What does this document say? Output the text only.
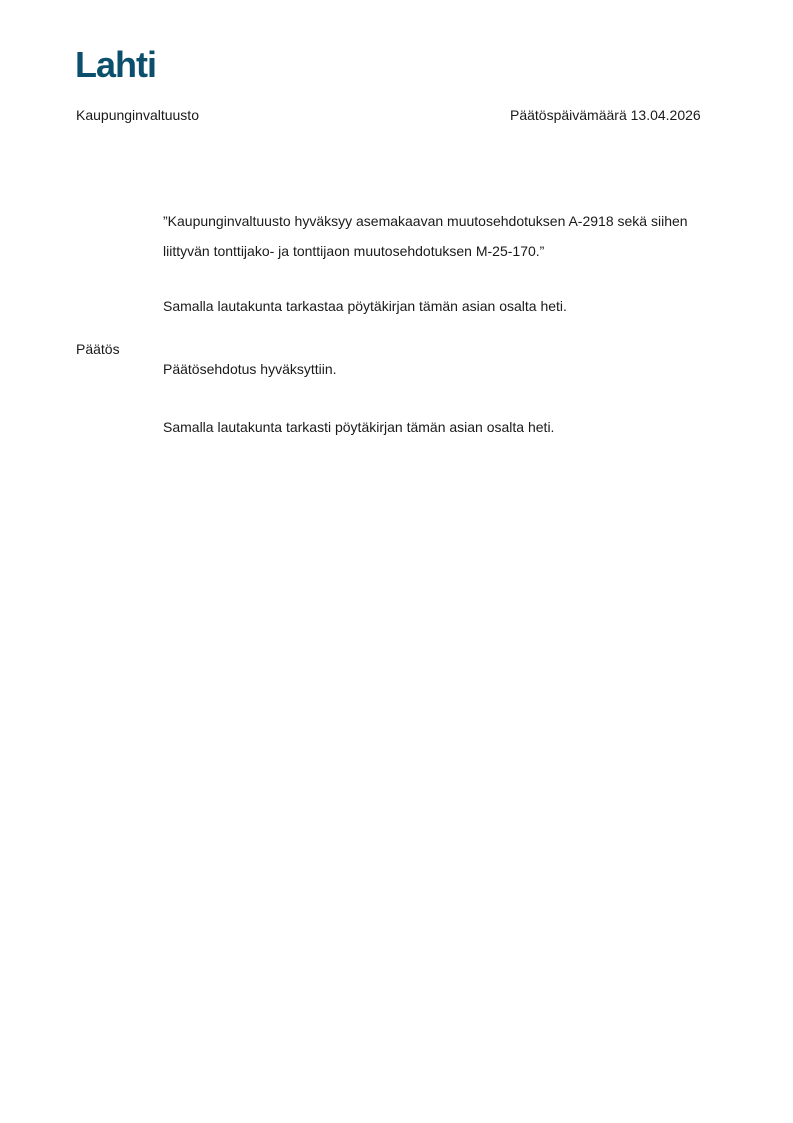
Lahti
Kaupunginvaltuusto	Päätöspäivämäärä 13.04.2026
”Kaupunginvaltuusto hyväksyy asemakaavan muutosehdotuksen A-2918 sekä siihen
liittyvän tonttijako- ja tonttijaon muutosehdotuksen M-25-170.”
Samalla lautakunta tarkastaa pöytäkirjan tämän asian osalta heti.
Päätös
Päätösehdotus hyväksyttiin.
Samalla lautakunta tarkasti pöytäkirjan tämän asian osalta heti.
